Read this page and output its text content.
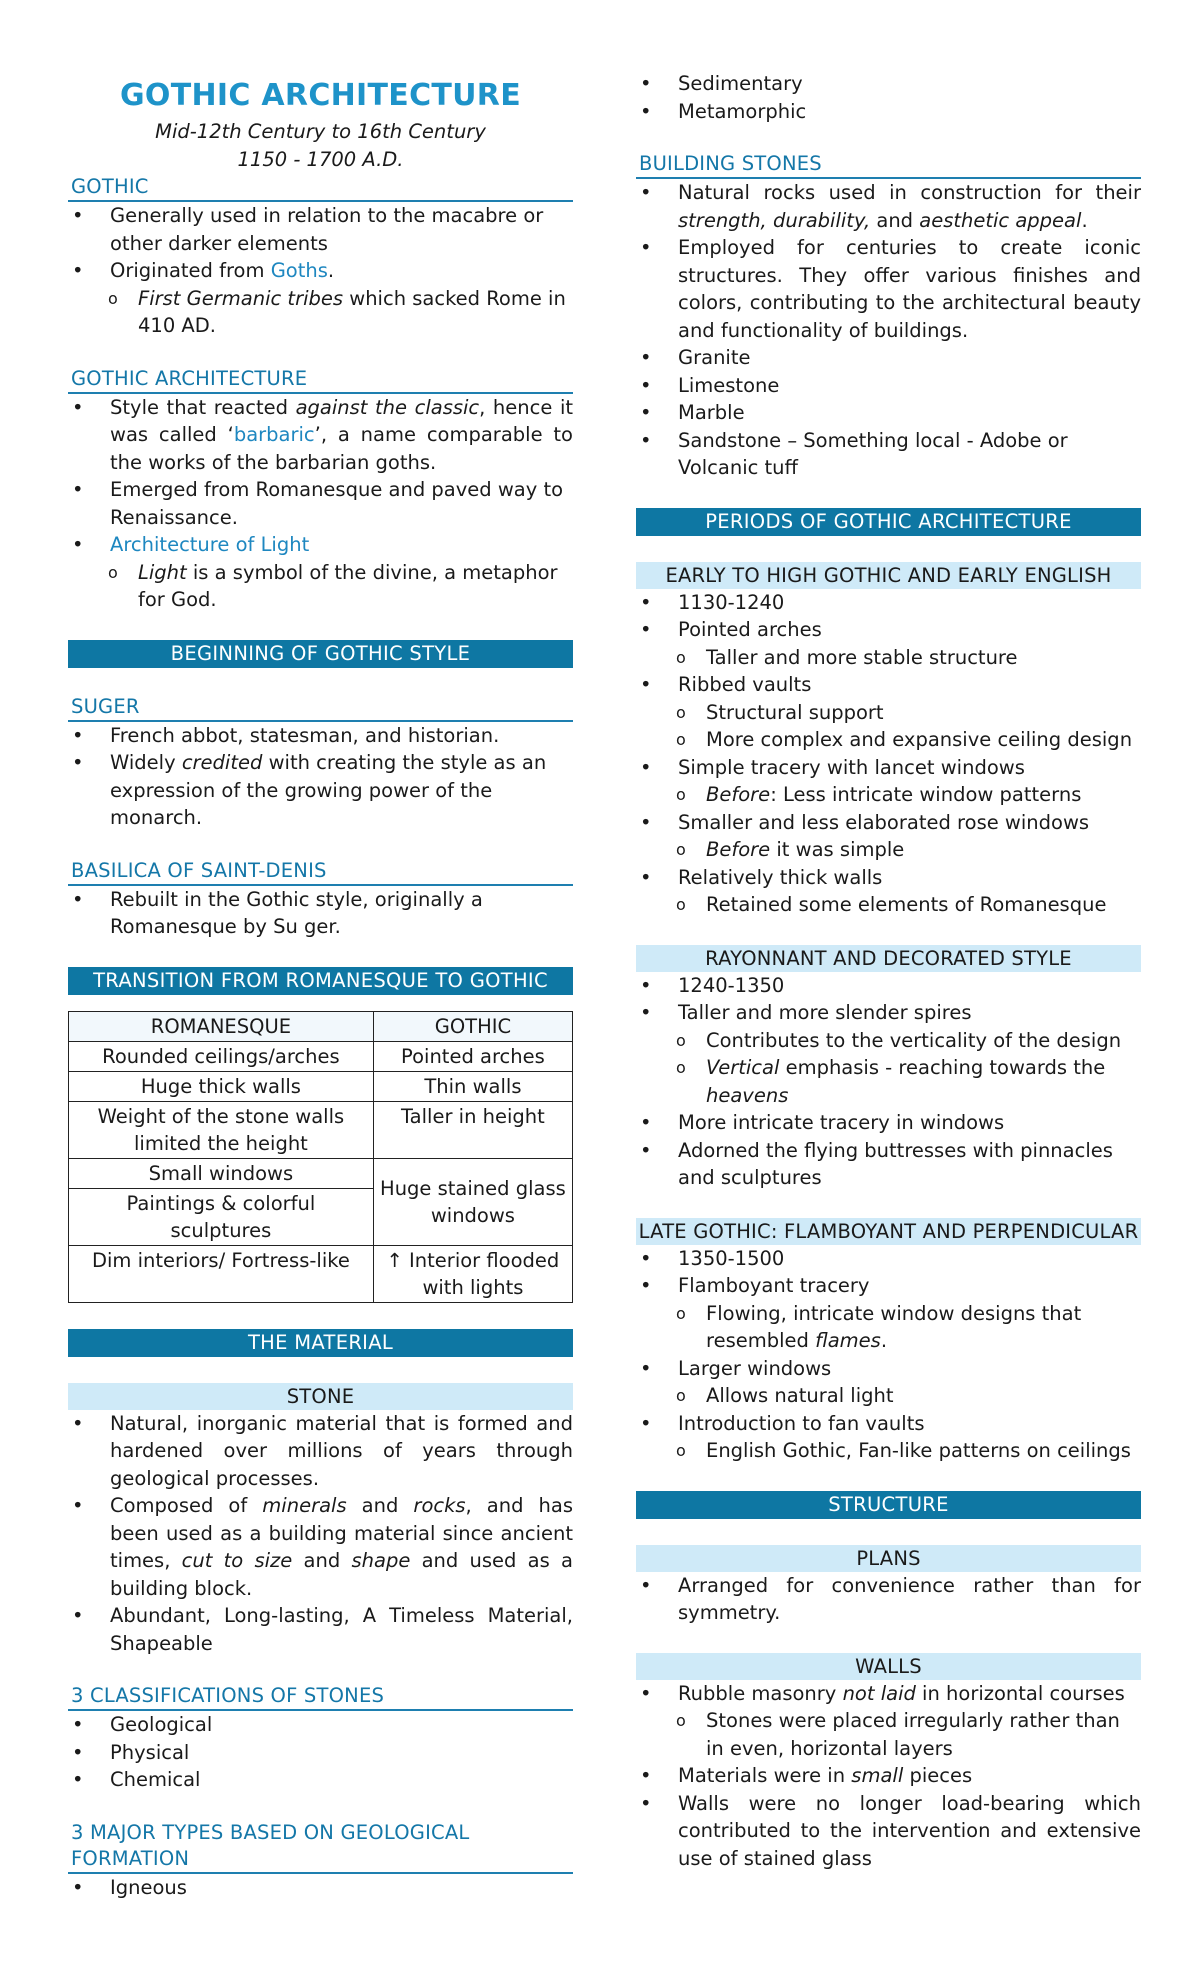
GOTHIC ARCHITECTURE
Mid-12th Century to 16th Century
1150 - 1700 A.D.
GOTHIC
• Generally used in relation to the macabre or other darker elements
• Originated from Goths.
o First Germanic tribes which sacked Rome in 410 AD.
GOTHIC ARCHITECTURE
• Style that reacted against the classic, hence it was called ‘barbaric’, a name comparable to the works of the barbarian goths.
• Emerged from Romanesque and paved way to Renaissance.
• Architecture of Light
o Light is a symbol of the divine, a metaphor for God.
BEGINNING OF GOTHIC STYLE
SUGER
• French abbot, statesman, and historian.
• Widely credited with creating the style as an expression of the growing power of the monarch.
BASILICA OF SAINT-DENIS
• Rebuilt in the Gothic style, originally a Romanesque by Su ger.
TRANSITION FROM ROMANESQUE TO GOTHIC
ROMANESQUE	GOTHIC
Rounded ceilings/arches	Pointed arches
Huge thick walls	Thin walls
Weight of the stone walls limited the height	Taller in height
Small windows	Huge stained glass windows
Paintings & colorful sculptures	
Dim interiors/ Fortress-like	↑ Interior flooded with lights
THE MATERIAL
STONE
• Natural, inorganic material that is formed and hardened over millions of years through geological processes.
• Composed of minerals and rocks, and has been used as a building material since ancient times, cut to size and shape and used as a building block.
• Abundant, Long-lasting, A Timeless Material, Shapeable
3 CLASSIFICATIONS OF STONES
• Geological
• Physical
• Chemical
3 MAJOR TYPES BASED ON GEOLOGICAL FORMATION
• Igneous
• Sedimentary
• Metamorphic
BUILDING STONES
• Natural rocks used in construction for their strength, durability, and aesthetic appeal.
• Employed for centuries to create iconic structures. They offer various finishes and colors, contributing to the architectural beauty and functionality of buildings.
• Granite
• Limestone
• Marble
• Sandstone – Something local - Adobe or Volcanic tuff
PERIODS OF GOTHIC ARCHITECTURE
EARLY TO HIGH GOTHIC AND EARLY ENGLISH
• 1130-1240
• Pointed arches
o Taller and more stable structure
• Ribbed vaults
o Structural support
o More complex and expansive ceiling design
• Simple tracery with lancet windows
o Before: Less intricate window patterns
• Smaller and less elaborated rose windows
o Before it was simple
• Relatively thick walls
o Retained some elements of Romanesque
RAYONNANT AND DECORATED STYLE
• 1240-1350
• Taller and more slender spires
o Contributes to the verticality of the design
o Vertical emphasis - reaching towards the heavens
• More intricate tracery in windows
• Adorned the flying buttresses with pinnacles and sculptures
LATE GOTHIC: FLAMBOYANT AND PERPENDICULAR
• 1350-1500
• Flamboyant tracery
o Flowing, intricate window designs that resembled flames.
• Larger windows
o Allows natural light
• Introduction to fan vaults
o English Gothic, Fan-like patterns on ceilings
STRUCTURE
PLANS
• Arranged for convenience rather than for symmetry.
WALLS
• Rubble masonry not laid in horizontal courses
o Stones were placed irregularly rather than in even, horizontal layers
• Materials were in small pieces
• Walls were no longer load-bearing which contributed to the intervention and extensive use of stained glass
